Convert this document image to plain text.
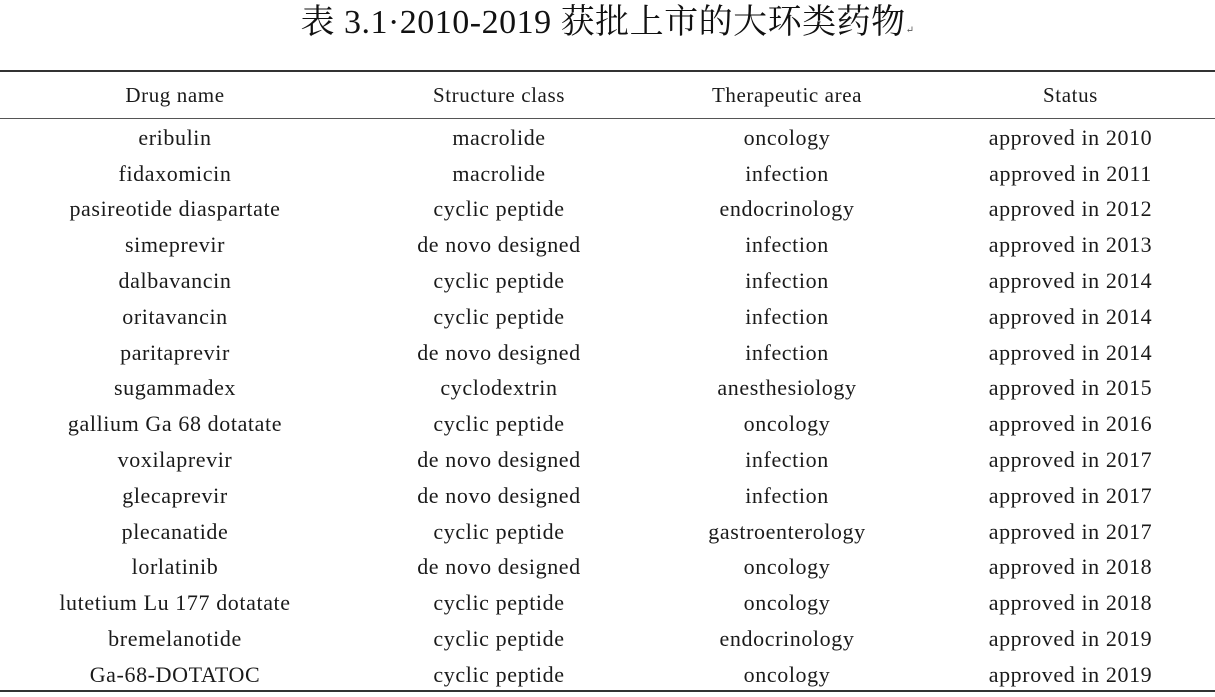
表 3.1·2010-2019 获批上市的大环类药物↵
Drug name	Structure class	Therapeutic area	Status
eribulin	macrolide	oncology	approved in 2010
fidaxomicin	macrolide	infection	approved in 2011
pasireotide diaspartate	cyclic peptide	endocrinology	approved in 2012
simeprevir	de novo designed	infection	approved in 2013
dalbavancin	cyclic peptide	infection	approved in 2014
oritavancin	cyclic peptide	infection	approved in 2014
paritaprevir	de novo designed	infection	approved in 2014
sugammadex	cyclodextrin	anesthesiology	approved in 2015
gallium Ga 68 dotatate	cyclic peptide	oncology	approved in 2016
voxilaprevir	de novo designed	infection	approved in 2017
glecaprevir	de novo designed	infection	approved in 2017
plecanatide	cyclic peptide	gastroenterology	approved in 2017
lorlatinib	de novo designed	oncology	approved in 2018
lutetium Lu 177 dotatate	cyclic peptide	oncology	approved in 2018
bremelanotide	cyclic peptide	endocrinology	approved in 2019
Ga-68-DOTATOC	cyclic peptide	oncology	approved in 2019
